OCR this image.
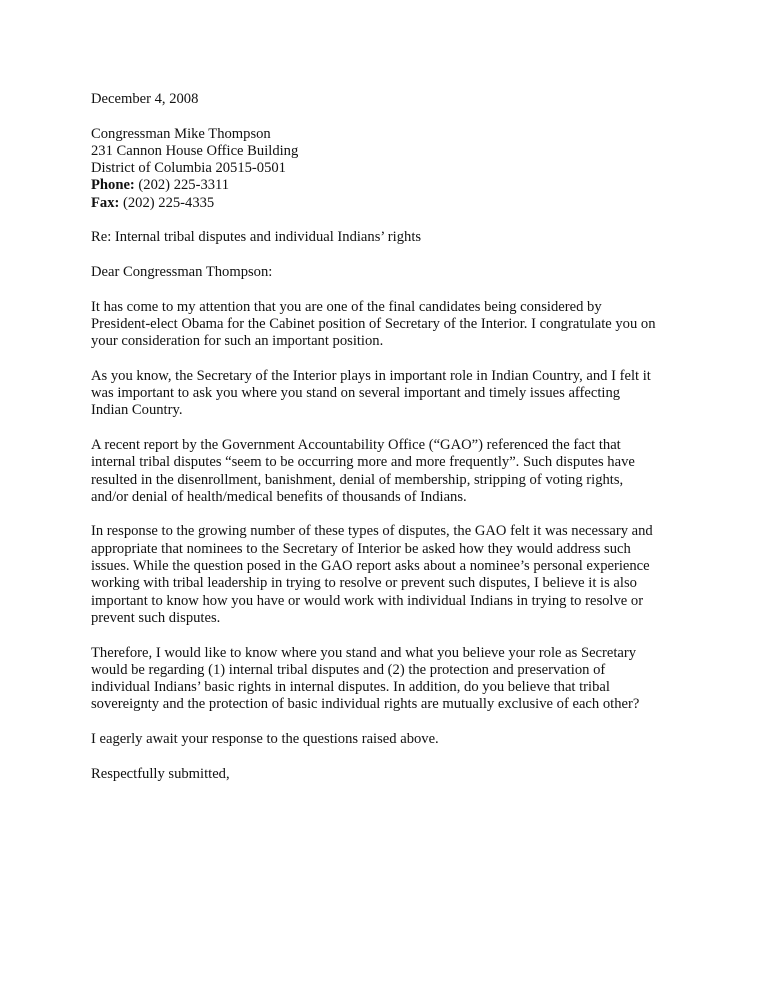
December 4, 2008
Congressman Mike Thompson
231 Cannon House Office Building
District of Columbia 20515-0501
Phone: (202) 225-3311
Fax: (202) 225-4335
Re: Internal tribal disputes and individual Indians’ rights
Dear Congressman Thompson:
It has come to my attention that you are one of the final candidates being considered by
President-elect Obama for the Cabinet position of Secretary of the Interior. I congratulate you on
your consideration for such an important position.
As you know, the Secretary of the Interior plays in important role in Indian Country, and I felt it
was important to ask you where you stand on several important and timely issues affecting
Indian Country.
A recent report by the Government Accountability Office (“GAO”) referenced the fact that
internal tribal disputes “seem to be occurring more and more frequently”. Such disputes have
resulted in the disenrollment, banishment, denial of membership, stripping of voting rights,
and/or denial of health/medical benefits of thousands of Indians.
In response to the growing number of these types of disputes, the GAO felt it was necessary and
appropriate that nominees to the Secretary of Interior be asked how they would address such
issues. While the question posed in the GAO report asks about a nominee’s personal experience
working with tribal leadership in trying to resolve or prevent such disputes, I believe it is also
important to know how you have or would work with individual Indians in trying to resolve or
prevent such disputes.
Therefore, I would like to know where you stand and what you believe your role as Secretary
would be regarding (1) internal tribal disputes and (2) the protection and preservation of
individual Indians’ basic rights in internal disputes. In addition, do you believe that tribal
sovereignty and the protection of basic individual rights are mutually exclusive of each other?
I eagerly await your response to the questions raised above.
Respectfully submitted,
